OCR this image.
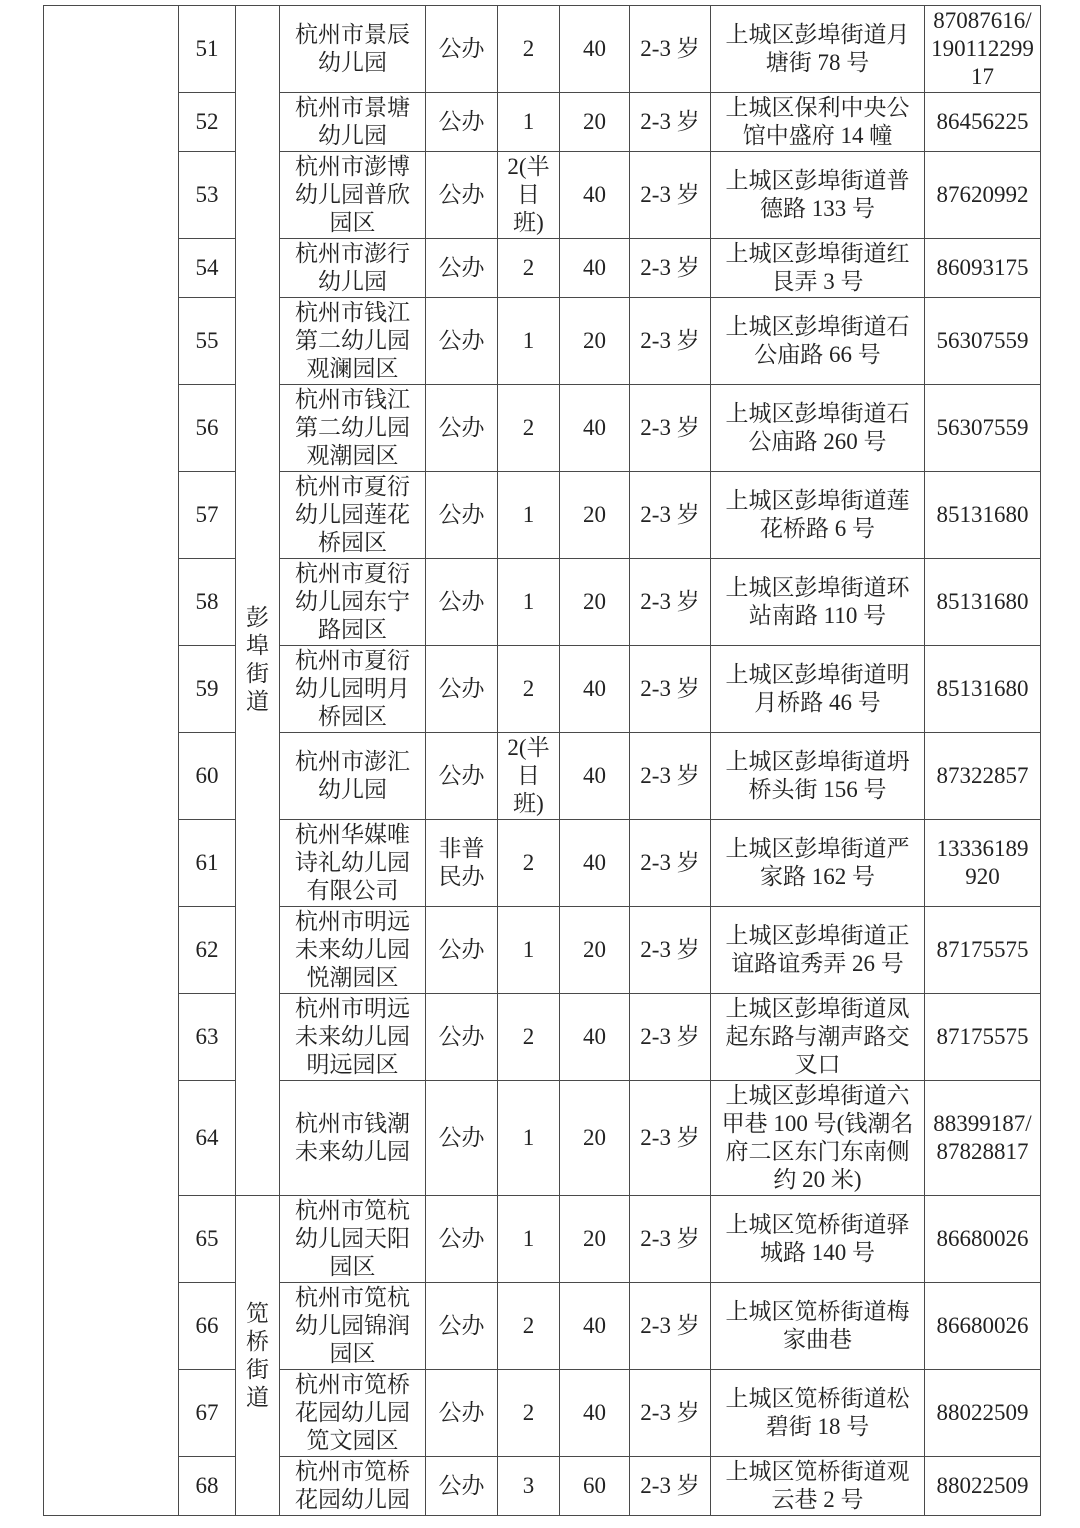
	51	彭埠街道	杭州市景辰幼儿园	公办	2	40	2-3 岁	上城区彭埠街道月塘街 78 号	87087616/19011229917
	52		杭州市景塘幼儿园	公办	1	20	2-3 岁	上城区保利中央公馆中盛府 14 幢	86456225
	53		杭州市澎博幼儿园普欣园区	公办	2(半日班)	40	2-3 岁	上城区彭埠街道普德路 133 号	87620992
	54		杭州市澎行幼儿园	公办	2	40	2-3 岁	上城区彭埠街道红艮弄 3 号	86093175
	55		杭州市钱江第二幼儿园观澜园区	公办	1	20	2-3 岁	上城区彭埠街道石公庙路 66 号	56307559
	56		杭州市钱江第二幼儿园观潮园区	公办	2	40	2-3 岁	上城区彭埠街道石公庙路 260 号	56307559
	57		杭州市夏衍幼儿园莲花桥园区	公办	1	20	2-3 岁	上城区彭埠街道莲花桥路 6 号	85131680
	58		杭州市夏衍幼儿园东宁路园区	公办	1	20	2-3 岁	上城区彭埠街道环站南路 110 号	85131680
	59		杭州市夏衍幼儿园明月桥园区	公办	2	40	2-3 岁	上城区彭埠街道明月桥路 46 号	85131680
	60		杭州市澎汇幼儿园	公办	2(半日班)	40	2-3 岁	上城区彭埠街道坍桥头街 156 号	87322857
	61		杭州华媒唯诗礼幼儿园有限公司	非普民办	2	40	2-3 岁	上城区彭埠街道严家路 162 号	13336189920
	62		杭州市明远未来幼儿园悦潮园区	公办	1	20	2-3 岁	上城区彭埠街道正谊路谊秀弄 26 号	87175575
	63		杭州市明远未来幼儿园明远园区	公办	2	40	2-3 岁	上城区彭埠街道凤起东路与潮声路交叉口	87175575
	64		杭州市钱潮未来幼儿园	公办	1	20	2-3 岁	上城区彭埠街道六甲巷 100 号(钱潮名府二区东门东南侧约 20 米)	88399187/87828817
	65	笕桥街道	杭州市笕杭幼儿园天阳园区	公办	1	20	2-3 岁	上城区笕桥街道驿城路 140 号	86680026
	66		杭州市笕杭幼儿园锦润园区	公办	2	40	2-3 岁	上城区笕桥街道梅家曲巷	86680026
	67		杭州市笕桥花园幼儿园笕文园区	公办	2	40	2-3 岁	上城区笕桥街道松碧街 18 号	88022509
	68		杭州市笕桥花园幼儿园	公办	3	60	2-3 岁	上城区笕桥街道观云巷 2 号	88022509
